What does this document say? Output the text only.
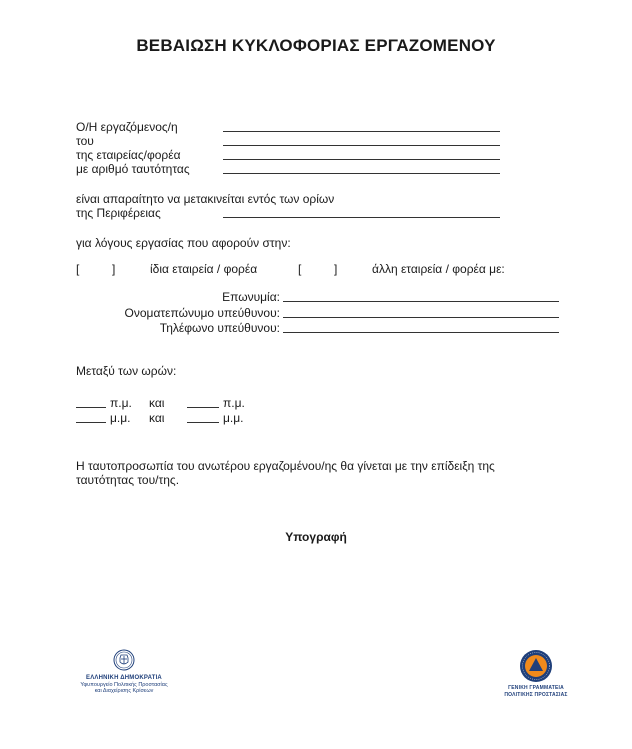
ΒΕΒΑΙΩΣΗ ΚΥΚΛΟΦΟΡΙΑΣ ΕΡΓΑΖΟΜΕΝΟΥ
Ο/Η εργαζόμενος/η
του
της εταιρείας/φορέα
με αριθμό ταυτότητας
είναι απαραίτητο να μετακινείται εντός των ορίων
της Περιφέρειας
για λόγους εργασίας που αφορούν στην:
[	]	ίδια εταιρεία / φορέα	[	]	άλλη εταιρεία / φορέα με:
Επωνυμία:
Ονοματεπώνυμο υπεύθυνου:
Τηλέφωνο υπεύθυνου:
Μεταξύ των ωρών:
π.μ. και	π.μ.
μ.μ. και	μ.μ.
Η ταυτοπροσωπία του ανωτέρου εργαζομένου/ης θα γίνεται με την επίδειξη της
ταυτότητας του/της.
Υπογραφή
ΕΛΛΗΝΙΚΗ ΔΗΜΟΚΡΑΤΙΑ
Υφυπουργείο Πολιτικής Προστασίας
και Διαχείρισης Κρίσεων	ΓΕΝΙΚΗ ΓΡΑΜΜΑΤΕΙΑ
ΠΟΛΙΤΙΚΗΣ ΠΡΟΣΤΑΣΙΑΣ
